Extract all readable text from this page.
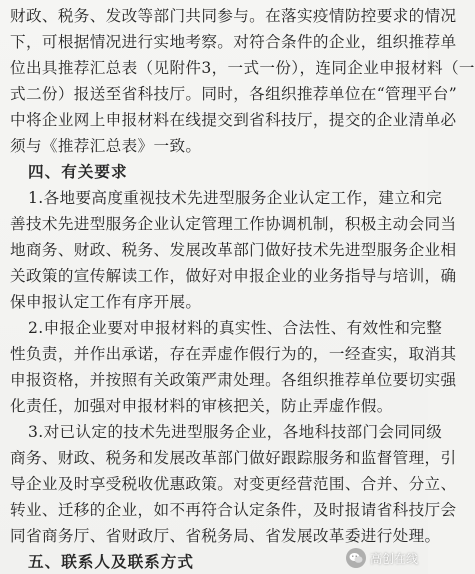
财政、税务、发改等部门共同参与。在落实疫情防控要求的情况
下，可根据情况进行实地考察。对符合条件的企业，组织推荐单
位出具推荐汇总表（见附件3，一式一份），连同企业申报材料（一
式二份）报送至省科技厅。同时，各组织推荐单位在“管理平台”
中将企业网上申报材料在线提交到省科技厅，提交的企业清单必
须与《推荐汇总表》一致。
四、有关要求
1.各地要高度重视技术先进型服务企业认定工作，建立和完
善技术先进型服务企业认定管理工作协调机制，积极主动会同当
地商务、财政、税务、发展改革部门做好技术先进型服务企业相
关政策的宣传解读工作，做好对申报企业的业务指导与培训，确
保申报认定工作有序开展。
2.申报企业要对申报材料的真实性、合法性、有效性和完整
性负责，并作出承诺，存在弄虚作假行为的，一经查实，取消其
申报资格，并按照有关政策严肃处理。各组织推荐单位要切实强
化责任，加强对申报材料的审核把关，防止弄虚作假。
3.对已认定的技术先进型服务企业，各地科技部门会同同级
商务、财政、税务和发展改革部门做好跟踪服务和监督管理，引
导企业及时享受税收优惠政策。对变更经营范围、合并、分立、
转业、迁移的企业，如不再符合认定条件，及时报请省科技厅会
同省商务厅、省财政厅、省税务局、省发展改革委进行处理。
五、联系人及联系方式	高创在线
